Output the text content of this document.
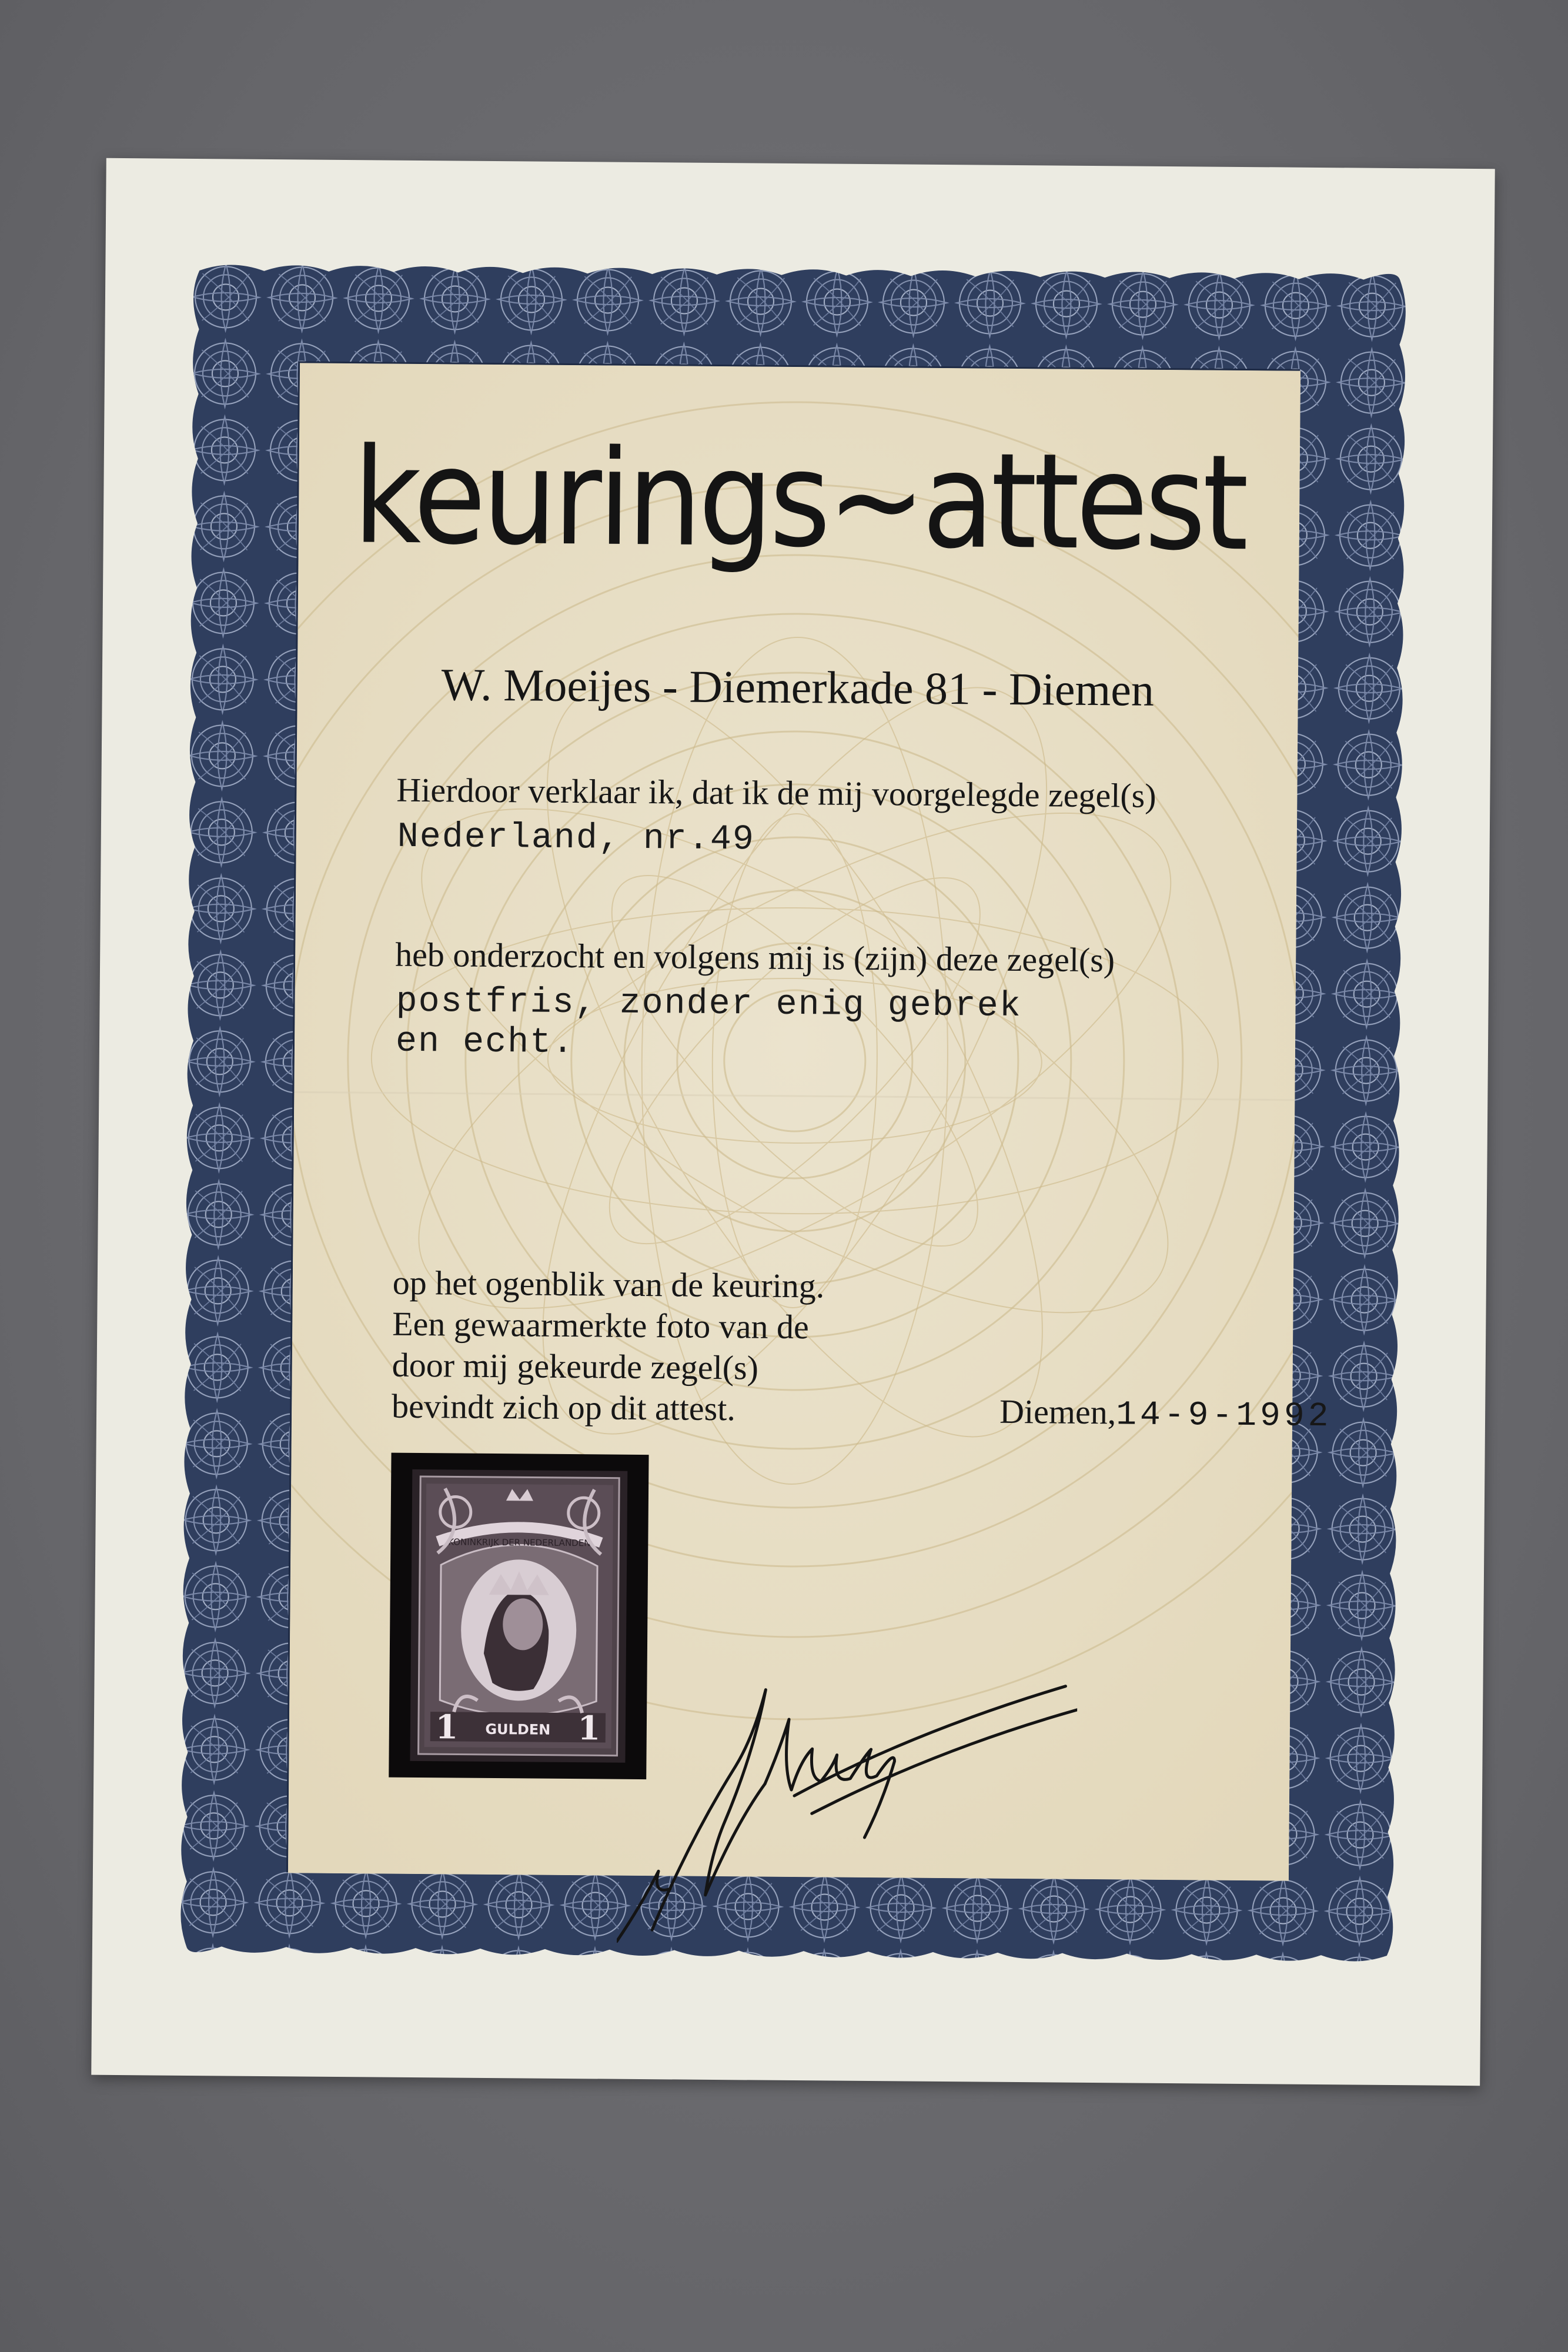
keurings~attest
W. Moeijes - Diemerkade 81 - Diemen
Hierdoor verklaar ik, dat ik de mij voorgelegde zegel(s)
Nederland, nr.49
heb onderzocht en volgens mij is (zijn) deze zegel(s)
postfris, zonder enig gebrek
en echt.
op het ogenblik van de keuring.
Een gewaarmerkte foto van de
door mij gekeurde zegel(s)
bevindt zich op dit attest.	Diemen,14-9-1992
KONINKRIJK DER NEDERLANDEN
1	1
GULDEN
